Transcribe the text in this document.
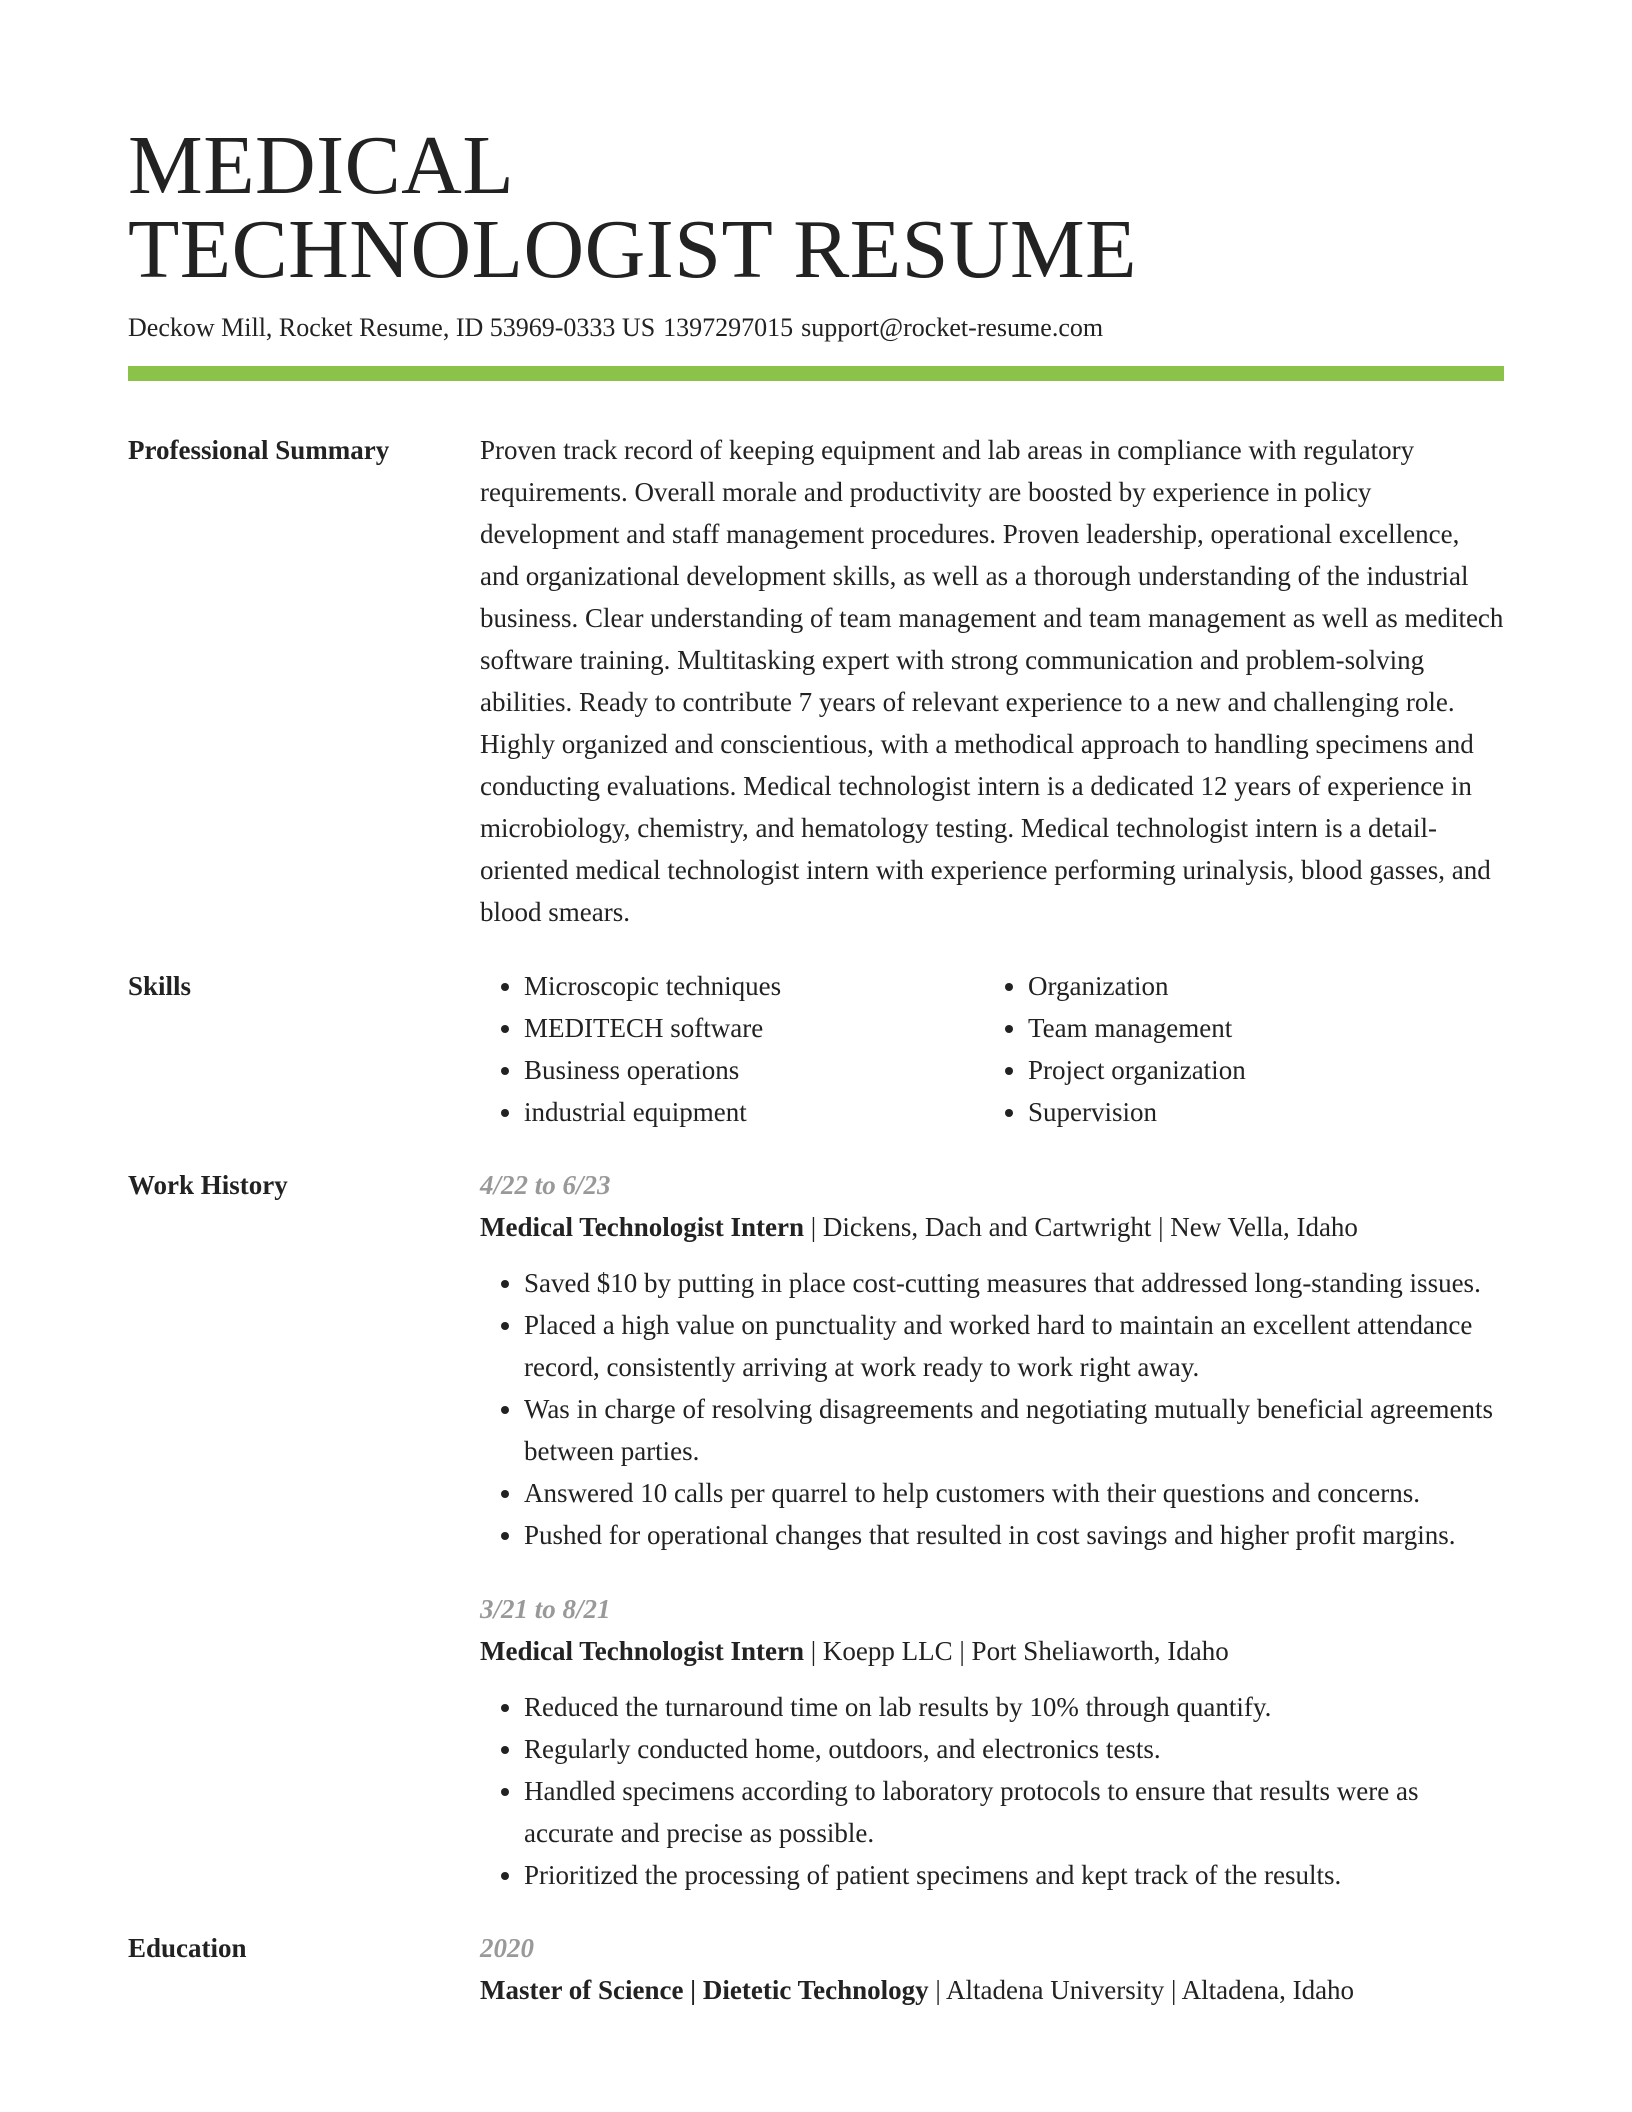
MEDICAL
TECHNOLOGIST RESUME
Deckow Mill, Rocket Resume, ID 53969-0333 US 1397297015 support@rocket-resume.com
Professional Summary	Proven track record of keeping equipment and lab areas in compliance with regulatory requirements. Overall morale and productivity are boosted by experience in policy development and staff management procedures. Proven leadership, operational excellence, and organizational development skills, as well as a thorough understanding of the industrial business. Clear understanding of team management and team management as well as meditech software training. Multitasking expert with strong communication and problem-solving abilities. Ready to contribute 7 years of relevant experience to a new and challenging role. Highly organized and conscientious, with a methodical approach to handling specimens and conducting evaluations. Medical technologist intern is a dedicated 12 years of experience in microbiology, chemistry, and hematology testing. Medical technologist intern is a detail-oriented medical technologist intern with experience performing urinalysis, blood gasses, and blood smears.
Skills
•	Microscopic techniques
• MEDITECH software
• Business operations
• industrial equipment
• Organization
• Team management
• Project organization
• Supervision
Work History	4/22 to 6/23
Medical Technologist Intern | Dickens, Dach and Cartwright | New Vella, Idaho
• Saved $10 by putting in place cost-cutting measures that addressed long-standing issues.
• Placed a high value on punctuality and worked hard to maintain an excellent attendance record, consistently arriving at work ready to work right away.
• Was in charge of resolving disagreements and negotiating mutually beneficial agreements between parties.
• Answered 10 calls per quarrel to help customers with their questions and concerns.
• Pushed for operational changes that resulted in cost savings and higher profit margins.
3/21 to 8/21
Medical Technologist Intern | Koepp LLC | Port Sheliaworth, Idaho
• Reduced the turnaround time on lab results by 10% through quantify.
• Regularly conducted home, outdoors, and electronics tests.
• Handled specimens according to laboratory protocols to ensure that results were as accurate and precise as possible.
• Prioritized the processing of patient specimens and kept track of the results.
Education	2020
Master of Science | Dietetic Technology | Altadena University | Altadena, Idaho
